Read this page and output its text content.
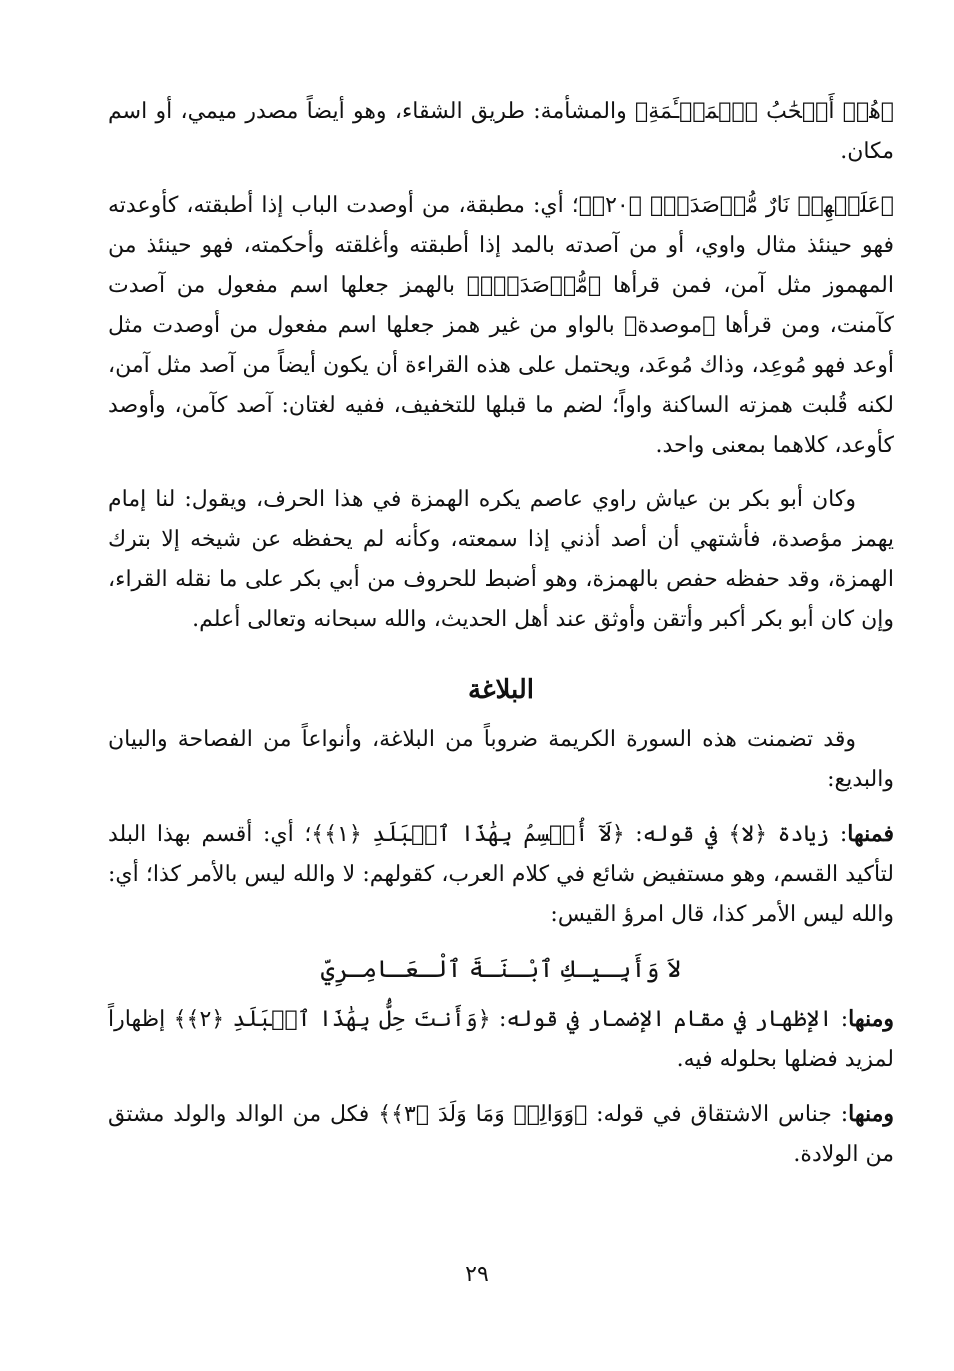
﴿هُمۡ أَصۡحَٰبُ ٱلۡمَشۡـَٔمَةِ﴾ والمشأمة: طريق الشقاء، وهو أيضاً مصدر ميمي، أو اسم مكان.

﴿عَلَيۡهِمۡ نَارٌ مُّؤۡصَدَةُۢ ﴿٢٠﴾﴾؛ أي: مطبقة، من أوصدت الباب إذا أطبقته، كأوعدته فهو حينئذ مثال واوي، أو من آصدته بالمد إذا أطبقته وأغلقته وأحكمته، فهو حينئذ من المهموز مثل آمن، فمن قرأها ﴿مُّؤۡصَدَةُۢ﴾ بالهمز جعلها اسم مفعول من آصدت كآمنت، ومن قرأها ﴿موصدة﴾ بالواو من غير همز جعلها اسم مفعول من أوصدت مثل أوعد فهو مُوعِد، وذاك مُوعَد، ويحتمل على هذه القراءة أن يكون أيضاً من آصد مثل آمن، لكنه قُلبت همزته الساكنة واواً؛ لضم ما قبلها للتخفيف، ففيه لغتان: آصد كآمن، وأوصد كأوعد، كلاهما بمعنى واحد.

وكان أبو بكر بن عياش راوي عاصم يكره الهمزة في هذا الحرف، ويقول: لنا إمام يهمز مؤصدة، فأشتهي أن أصد أذني إذا سمعته، وكأنه لم يحفظه عن شيخه إلا بترك الهمزة، وقد حفظه حفص بالهمزة، وهو أضبط للحروف من أبي بكر على ما نقله القراء، وإن كان أبو بكر أكبر وأتقن وأوثق عند أهل الحديث، والله سبحانه وتعالى أعلم.

البلاغة

وقد تضمنت هذه السورة الكريمة ضروباً من البلاغة، وأنواعاً من الفصاحة والبيان والبديع:

فمنها: زيادة ﴿لا﴾ في قوله: ﴿لَآ أُقۡسِمُ بِهَٰذَا ٱلۡبَلَدِ ﴿١﴾﴾؛ أي: أقسم بهذا البلد لتأكيد القسم، وهو مستفيض شائع في كلام العرب، كقولهم: لا والله ليس بالأمر كذا؛ أي: والله ليس الأمر كذا، قال امرؤ القيس:

لاَ وَأَبِـيـكِ ٱبْـنَـةَ ٱلْـعَـامِـرِيّ

ومنها: الإظهار في مقام الإضمار في قوله: ﴿وَأَنتَ حِلُّۢ بِهَٰذَا ٱلۡبَلَدِ ﴿٢﴾﴾ إظهاراً لمزيد فضلها بحلوله فيه.

ومنها: جناس الاشتقاق في قوله: ﴿وَوَالِدٖ وَمَا وَلَدَ ﴿٣﴾﴾ فكل من الوالد والولد مشتق من الولادة.

٢٩
